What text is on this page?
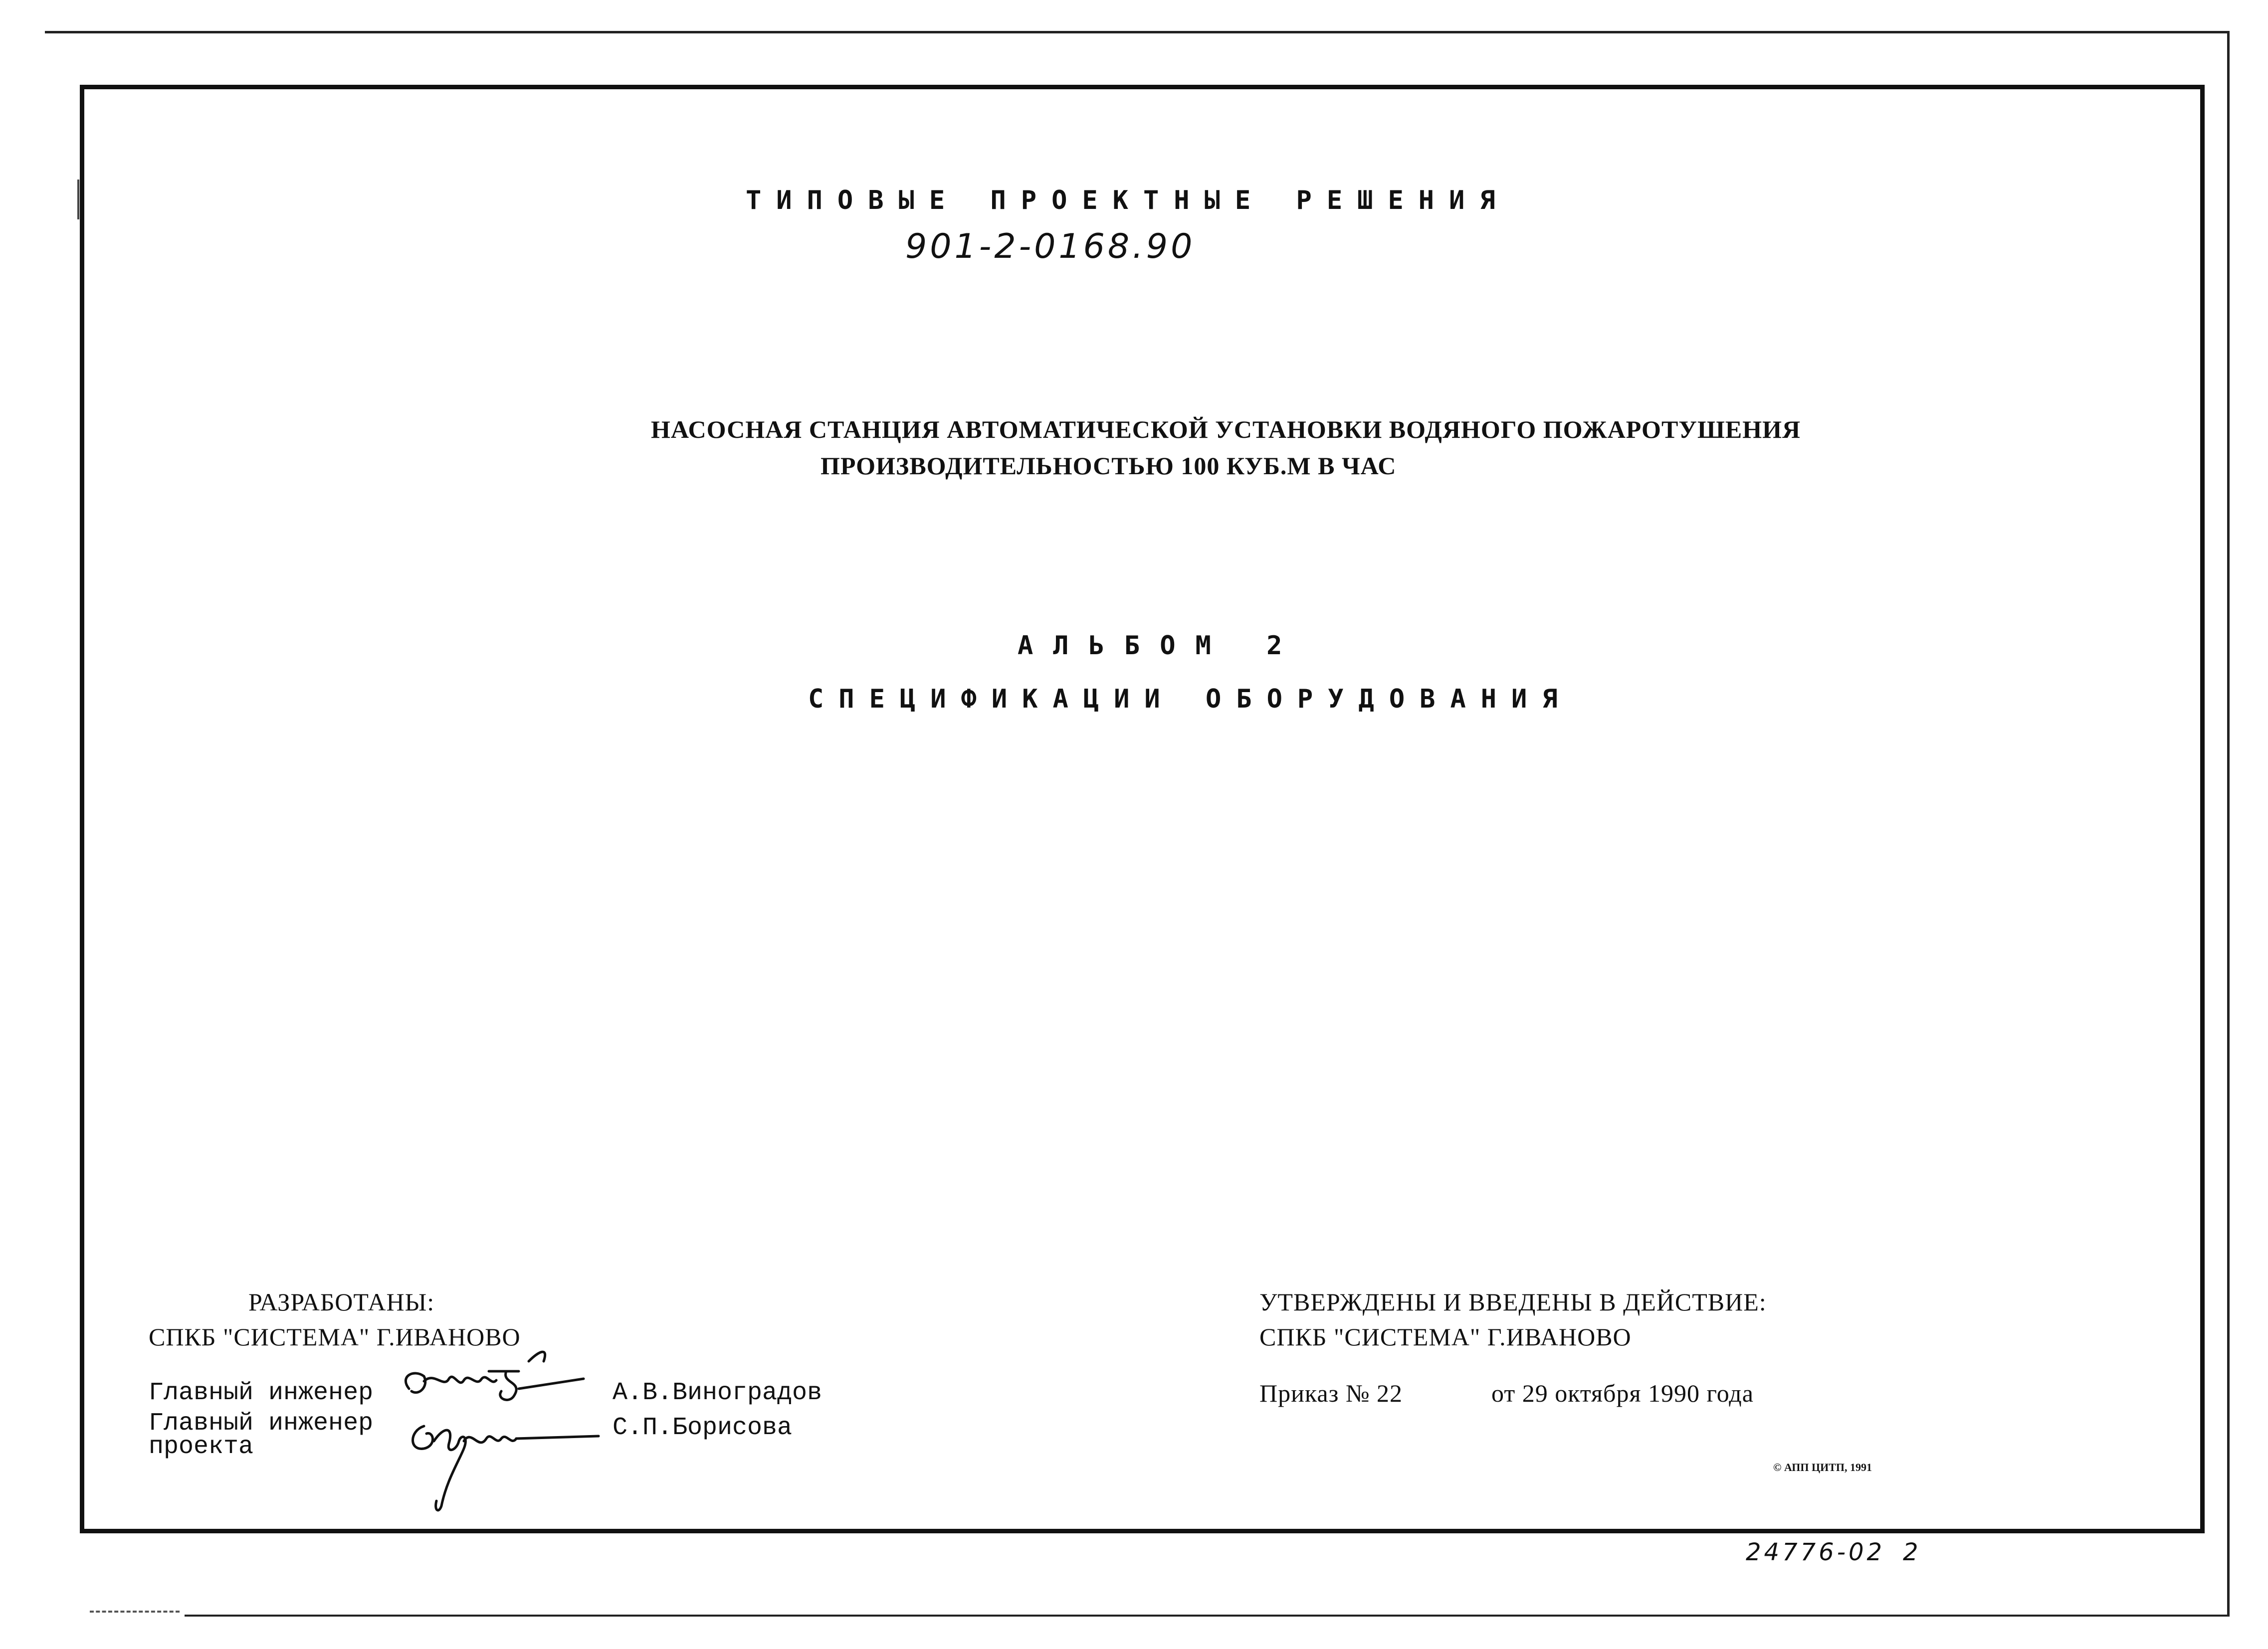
ТИПОВЫЕ ПРОЕКТНЫЕ РЕШЕНИЯ

901-2-0168.90

НАСОСНАЯ СТАНЦИЯ АВТОМАТИЧЕСКОЙ УСТАНОВКИ ВОДЯНОГО ПОЖАРОТУШЕНИЯ

ПРОИЗВОДИТЕЛЬНОСТЬЮ 100 КУБ.М В ЧАС

АЛЬБОМ 2

СПЕЦИФИКАЦИИ ОБОРУДОВАНИЯ

РАЗРАБОТАНЫ:

СПКБ "СИСТЕМА" Г.ИВАНОВО

Главный инженер	А.В.Виноградов

Главный инженер

проекта

С.П.Борисова

УТВЕРЖДЕНЫ И ВВЕДЕНЫ В ДЕЙСТВИЕ:

СПКБ "СИСТЕМА" Г.ИВАНОВО

Приказ № 22	от 29 октября 1990 года

© АПП ЦИТП, 1991

24776-02 2
